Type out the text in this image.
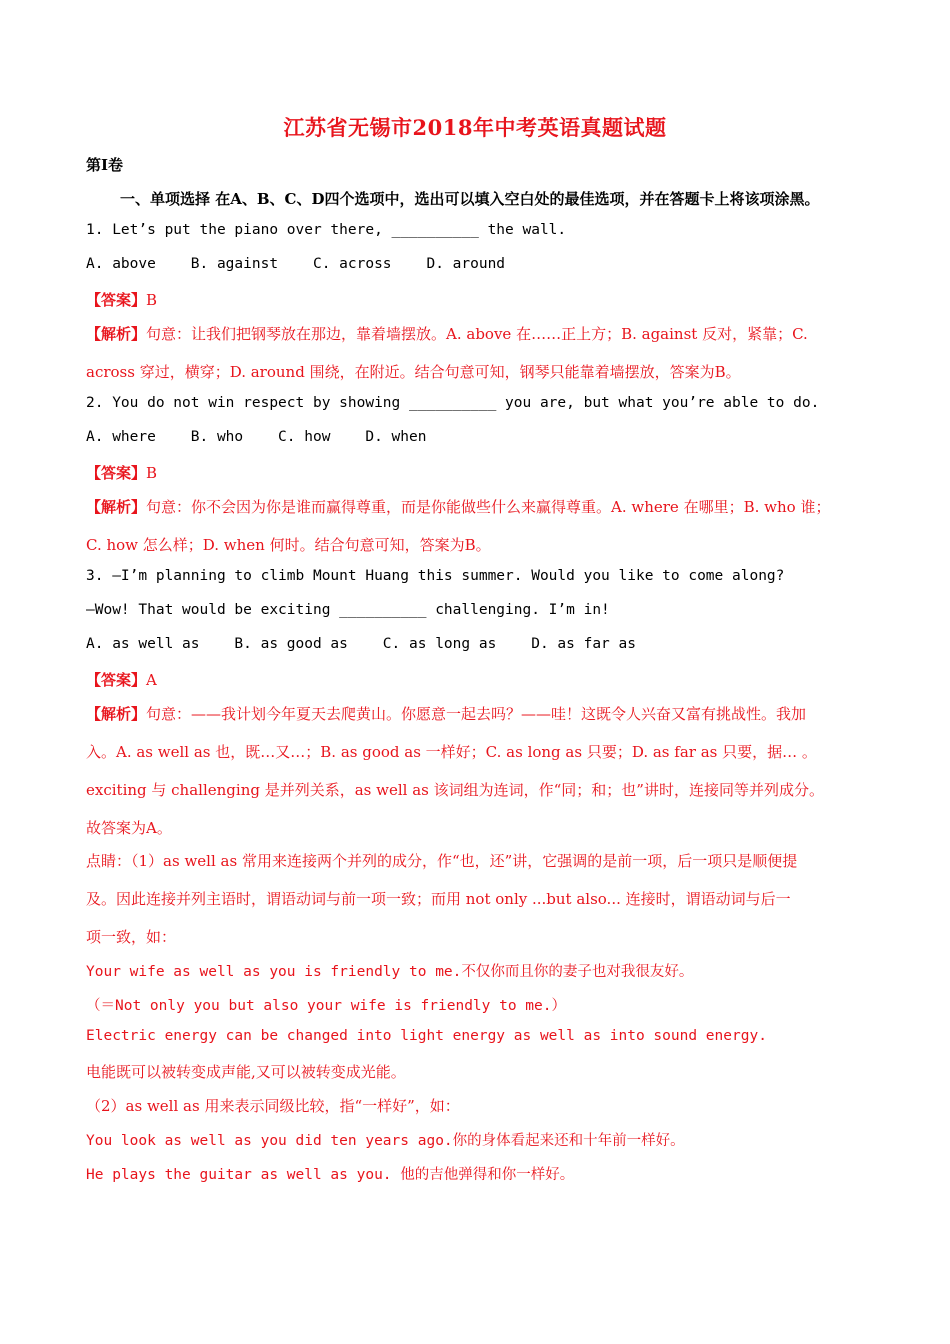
江苏省无锡市2018年中考英语真题试题
第Ⅰ卷
一、单项选择 在A、B、C、D四个选项中，选出可以填入空白处的最佳选项，并在答题卡上将该项涂黑。
1. Let’s put the piano over there, __________ the wall.
A. above    B. against    C. across    D. around
【答案】B
【解析】句意：让我们把钢琴放在那边，靠着墙摆放。A. above 在……正上方；B. against 反对，紧靠；C.
across 穿过，横穿；D. around 围绕，在附近。结合句意可知，钢琴只能靠着墙摆放，答案为B。
2. You do not win respect by showing __________ you are, but what you’re able to do.
A. where    B. who    C. how    D. when
【答案】B
【解析】句意：你不会因为你是谁而赢得尊重，而是你能做些什么来赢得尊重。A. where 在哪里；B. who 谁；
C. how 怎么样；D. when 何时。结合句意可知，答案为B。
3. —I’m planning to climb Mount Huang this summer. Would you like to come along?
—Wow! That would be exciting __________ challenging. I’m in!
A. as well as    B. as good as    C. as long as    D. as far as
【答案】A
【解析】句意：——我计划今年夏天去爬黄山。你愿意一起去吗？——哇！这既令人兴奋又富有挑战性。我加
入。A. as well as 也，既…又…；B. as good as 一样好；C. as long as 只要；D. as far as 只要，据… 。
exciting 与 challenging 是并列关系，as well as 该词组为连词，作“同；和；也”讲时，连接同等并列成分。
故答案为A。
点睛：（1）as well as 常用来连接两个并列的成分，作“也，还”讲，它强调的是前一项，后一项只是顺便提
及。因此连接并列主语时，谓语动词与前一项一致；而用 not only ...but also... 连接时，谓语动词与后一
项一致，如：
Your wife as well as you is friendly to me.不仅你而且你的妻子也对我很友好。
（＝Not only you but also your wife is friendly to me.）
Electric energy can be changed into light energy as well as into sound energy.
电能既可以被转变成声能,又可以被转变成光能。
（2）as well as 用来表示同级比较，指“一样好”，如：
You look as well as you did ten years ago.你的身体看起来还和十年前一样好。
He plays the guitar as well as you. 他的吉他弹得和你一样好。
